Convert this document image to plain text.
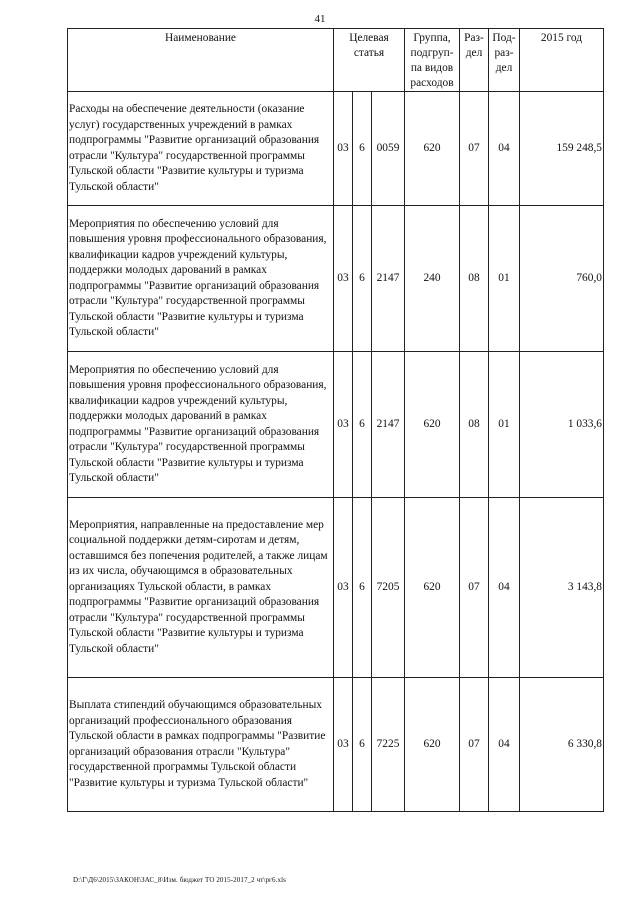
41
Наименование	Целевая статья			Группа, подгруп-па видов расходов	Раз-дел	Под-раз-дел	2015 год
Расходы на обеспечение деятельности (оказание услуг) государственных учреждений в рамках подпрограммы "Развитие организаций образования отрасли "Культура" государственной программы Тульской области "Развитие культуры и туризма Тульской области"	03	6	0059	620	07	04	159 248,5
Мероприятия по обеспечению условий для повышения уровня профессионального образования, квалификации кадров учреждений культуры, поддержки молодых дарований в рамках подпрограммы "Развитие организаций образования отрасли "Культура" государственной программы Тульской области "Развитие культуры и туризма Тульской области"	03	6	2147	240	08	01	760,0
Мероприятия по обеспечению условий для повышения уровня профессионального образования, квалификации кадров учреждений культуры, поддержки молодых дарований в рамках подпрограммы "Развитие организаций образования отрасли "Культура" государственной программы Тульской области "Развитие культуры и туризма Тульской области"	03	6	2147	620	08	01	1 033,6
Мероприятия, направленные на предоставление мер социальной поддержки детям-сиротам и детям, оставшимся без попечения родителей, а также лицам из их числа, обучающимся в образовательных организациях Тульской области, в рамках подпрограммы "Развитие организаций образования отрасли "Культура" государственной программы Тульской области "Развитие культуры и туризма Тульской области"	03	6	7205	620	07	04	3 143,8
Выплата стипендий обучающимся образовательных организаций профессионального образования Тульской области в рамках подпрограммы "Развитие организаций образования отрасли "Культура" государственной программы Тульской области "Развитие культуры и туризма Тульской области"	03	6	7225	620	07	04	6 330,8
D:\Г\Д6\2015\ЗАКОН\ЗАС_8\Изм. бюджет ТО 2015-2017_2 чт\рг6.xls
